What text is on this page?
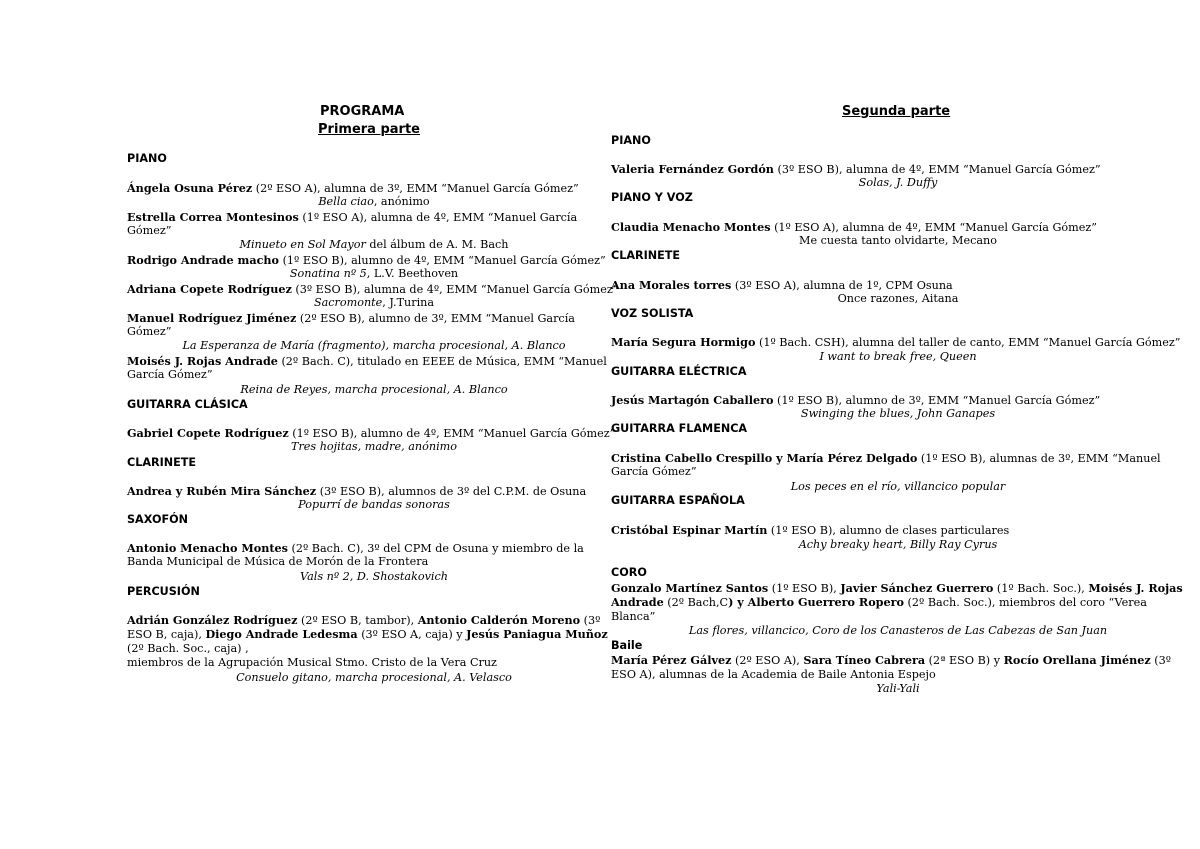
PROGRAMA
Primera parte
PIANO
Ángela Osuna Pérez (2º ESO A), alumna de 3º, EMM “Manuel García Gómez”
Bella ciao, anónimo
Estrella Correa Montesinos (1º ESO A), alumna de 4º, EMM “Manuel García
Gómez”
Minueto en Sol Mayor del álbum de A. M. Bach
Rodrigo Andrade macho (1º ESO B), alumno de 4º, EMM “Manuel García Gómez”
Sonatina nº 5, L.V. Beethoven
Adriana Copete Rodríguez (3º ESO B), alumna de 4º, EMM “Manuel García Gómez”
Sacromonte, J.Turina
Manuel Rodríguez Jiménez (2º ESO B), alumno de 3º, EMM “Manuel García
Gómez”
La Esperanza de María (fragmento), marcha procesional, A. Blanco
Moisés J. Rojas Andrade (2º Bach. C), titulado en EEEE de Música, EMM “Manuel
García Gómez”
Reina de Reyes, marcha procesional, A. Blanco
GUITARRA CLÁSICA
Gabriel Copete Rodríguez (1º ESO B), alumno de 4º, EMM “Manuel García Gómez”
Tres hojitas, madre, anónimo
CLARINETE
Andrea y Rubén Mira Sánchez (3º ESO B), alumnos de 3º del C.P.M. de Osuna
Popurrí de bandas sonoras
SAXOFÓN
Antonio Menacho Montes (2º Bach. C), 3º del CPM de Osuna y miembro de la
Banda Municipal de Música de Morón de la Frontera
Vals nº 2, D. Shostakovich
PERCUSIÓN
Adrián González Rodríguez (2º ESO B, tambor), Antonio Calderón Moreno (3º
ESO B, caja), Diego Andrade Ledesma (3º ESO A, caja) y Jesús Paniagua Muñoz
(2º Bach. Soc., caja) ,
miembros de la Agrupación Musical Stmo. Cristo de la Vera Cruz
Consuelo gitano, marcha procesional, A. Velasco
Segunda parte
PIANO
Valeria Fernández Gordón (3º ESO B), alumna de 4º, EMM “Manuel García Gómez”
Solas, J. Duffy
PIANO Y VOZ
Claudia Menacho Montes (1º ESO A), alumna de 4º, EMM “Manuel García Gómez”
Me cuesta tanto olvidarte, Mecano
CLARINETE
Ana Morales torres (3º ESO A), alumna de 1º, CPM Osuna
Once razones, Aitana
VOZ SOLISTA
María Segura Hormigo (1º Bach. CSH), alumna del taller de canto, EMM “Manuel García Gómez”
I want to break free, Queen
GUITARRA ELÉCTRICA
Jesús Martagón Caballero (1º ESO B), alumno de 3º, EMM “Manuel García Gómez”
Swinging the blues, John Ganapes
GUITARRA FLAMENCA
Cristina Cabello Crespillo y María Pérez Delgado (1º ESO B), alumnas de 3º, EMM “Manuel
García Gómez”
Los peces en el río, villancico popular
GUITARRA ESPAÑOLA
Cristóbal Espinar Martín (1º ESO B), alumno de clases particulares
Achy breaky heart, Billy Ray Cyrus
CORO
Gonzalo Martínez Santos (1º ESO B), Javier Sánchez Guerrero (1º Bach. Soc.), Moisés J. Rojas
Andrade (2º Bach,C) y Alberto Guerrero Ropero (2º Bach. Soc.), miembros del coro “Verea
Blanca”
Las flores, villancico, Coro de los Canasteros de Las Cabezas de San Juan
Baile
María Pérez Gálvez (2º ESO A), Sara Tíneo Cabrera (2ª ESO B) y Rocío Orellana Jiménez (3º
ESO A), alumnas de la Academia de Baile Antonia Espejo
Yali-Yali
